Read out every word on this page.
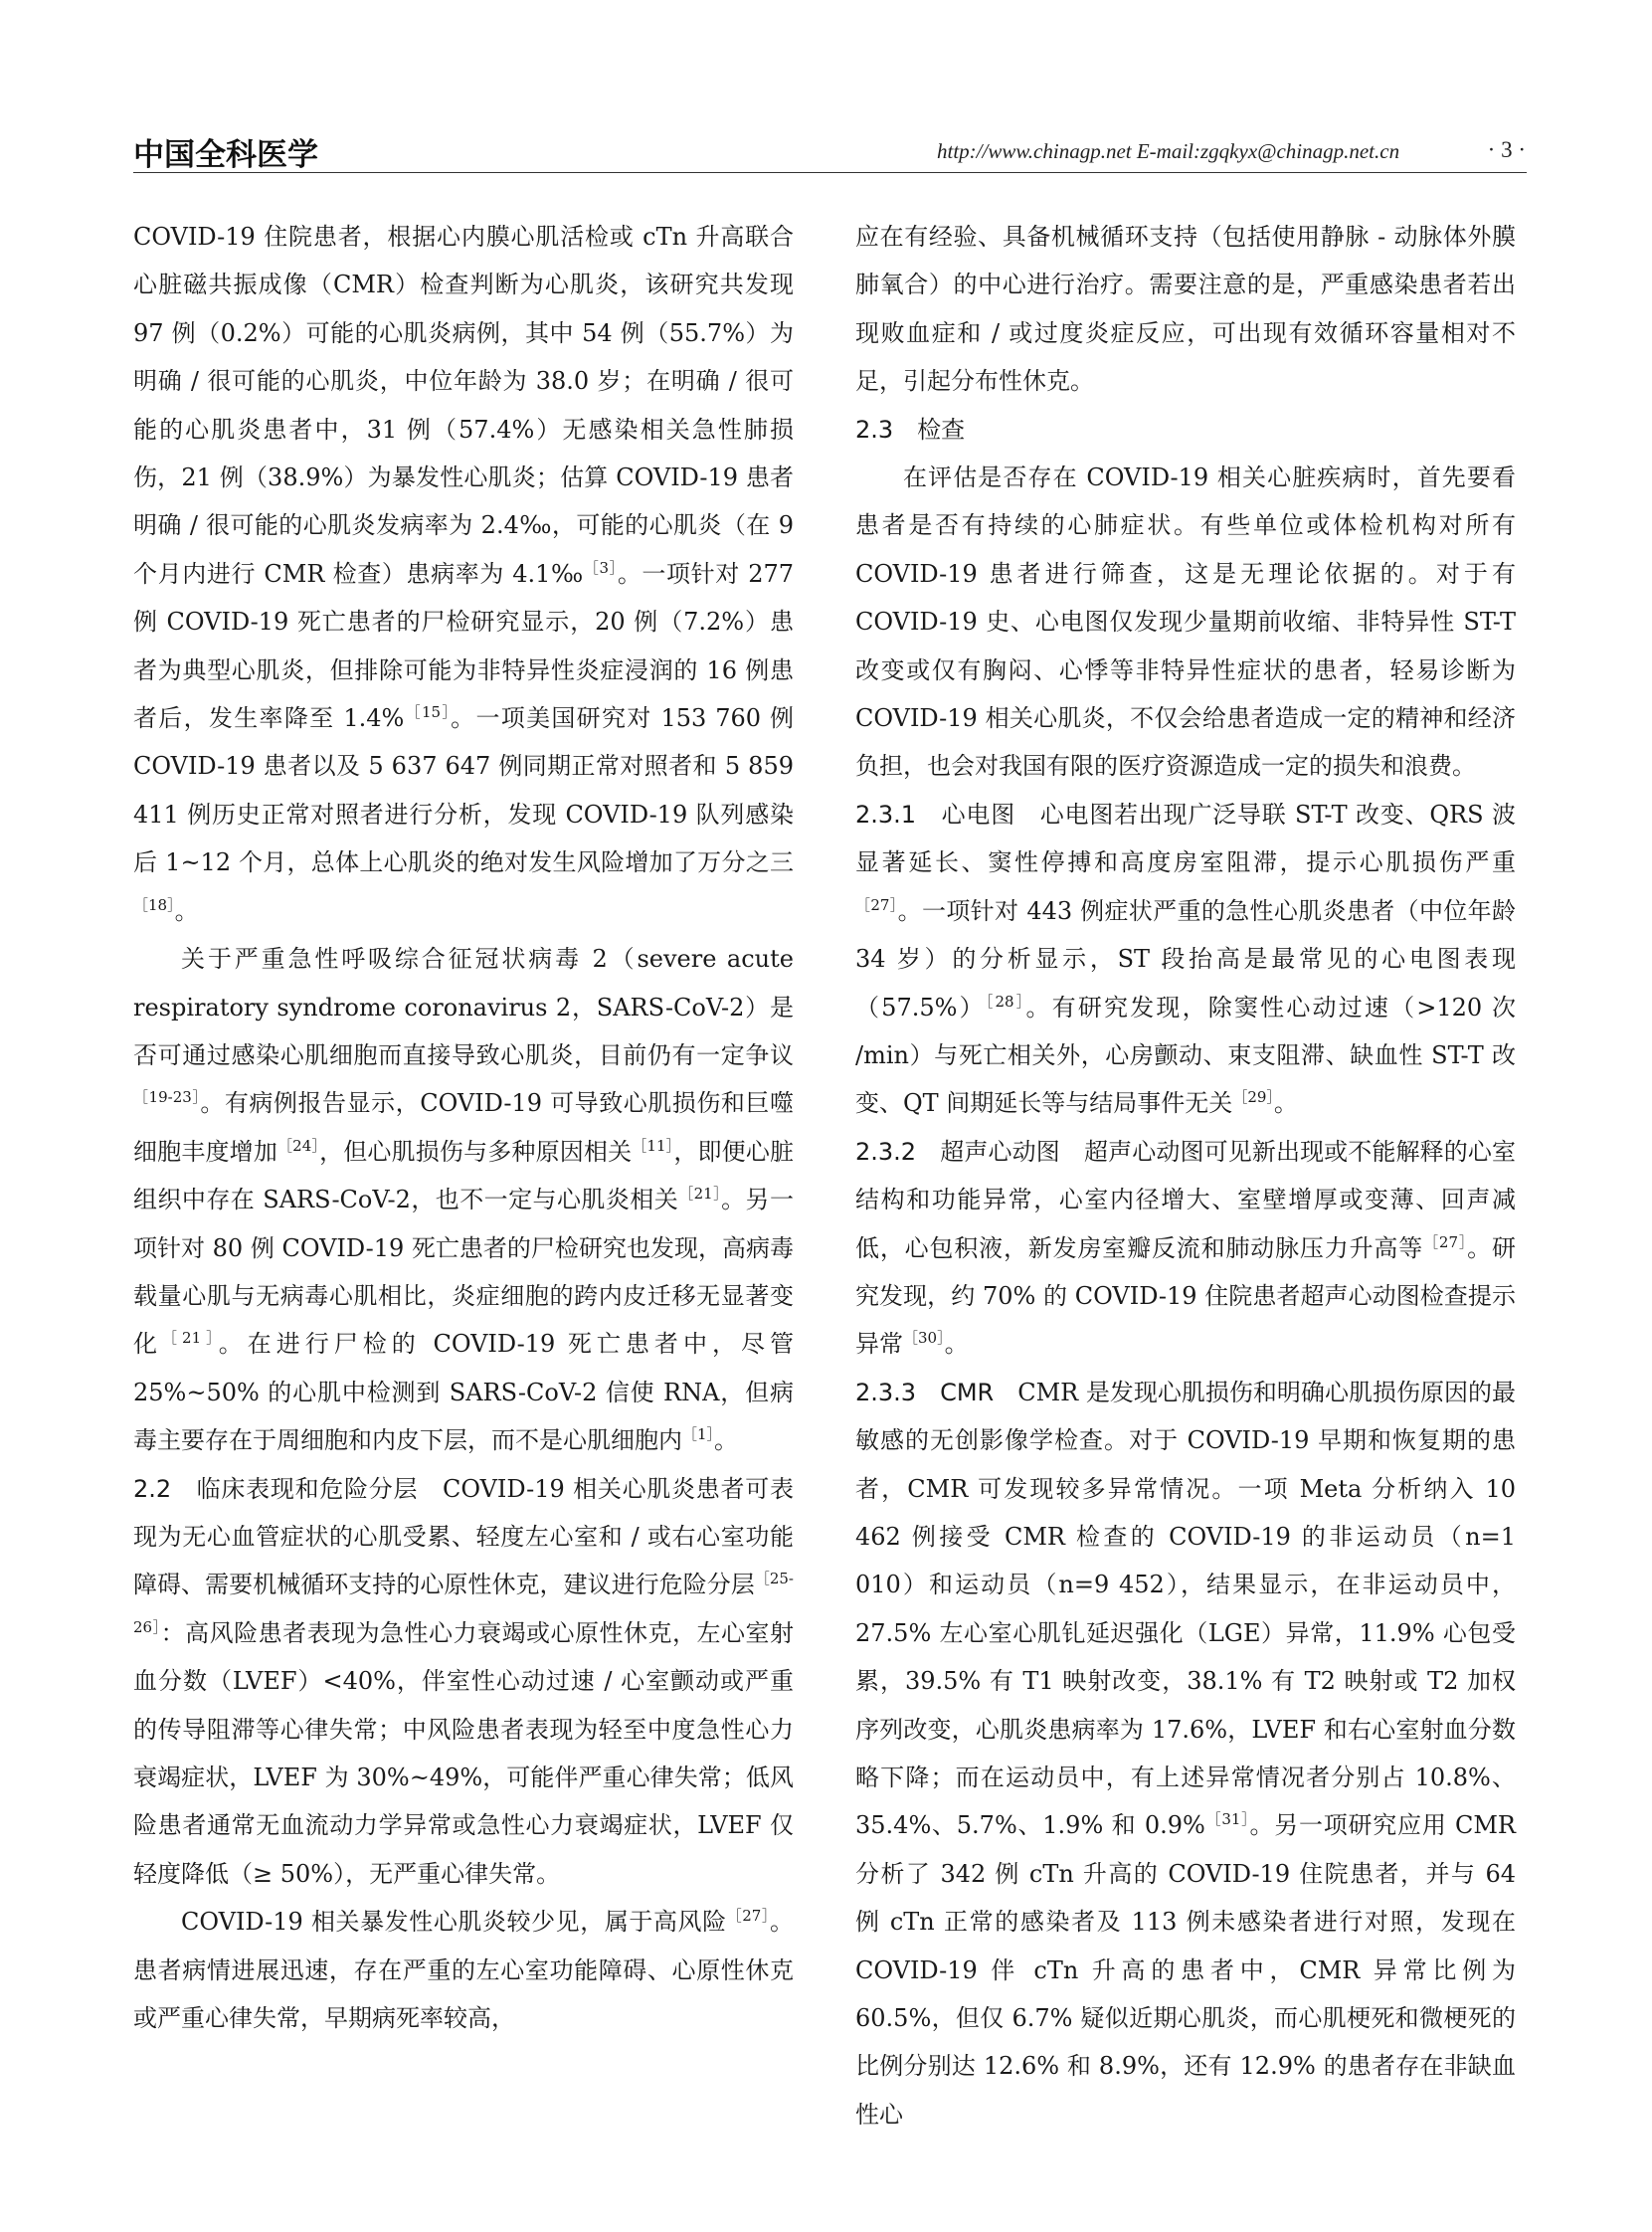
中国全科医学	http://www.chinagp.net E-mail:zgqkyx@chinagp.net.cn	· 3 ·

COVID-19 住院患者，根据心内膜心肌活检或 cTn 升高联合心脏磁共振成像（CMR）检查判断为心肌炎，该研究共发现 97 例（0.2%）可能的心肌炎病例，其中 54 例（55.7%）为明确 / 很可能的心肌炎，中位年龄为 38.0 岁；在明确 / 很可能的心肌炎患者中，31 例（57.4%）无感染相关急性肺损伤，21 例（38.9%）为暴发性心肌炎；估算 COVID-19 患者明确 / 很可能的心肌炎发病率为 2.4‰，可能的心肌炎（在 9 个月内进行 CMR 检查）患病率为 4.1‰$^{[3]}$。一项针对 277 例 COVID-19 死亡患者的尸检研究显示，20 例（7.2%）患者为典型心肌炎，但排除可能为非特异性炎症浸润的 16 例患者后，发生率降至 1.4%$^{[15]}$。一项美国研究对 153 760 例 COVID-19 患者以及 5 637 647 例同期正常对照者和 5 859 411 例历史正常对照者进行分析，发现 COVID-19 队列感染后 1~12 个月，总体上心肌炎的绝对发生风险增加了万分之三$^{[18]}$。

关于严重急性呼吸综合征冠状病毒 2（severe acute respiratory syndrome coronavirus 2，SARS-CoV-2）是否可通过感染心肌细胞而直接导致心肌炎，目前仍有一定争议$^{[19-23]}$。有病例报告显示，COVID-19 可导致心肌损伤和巨噬细胞丰度增加$^{[24]}$，但心肌损伤与多种原因相关$^{[11]}$，即便心脏组织中存在 SARS-CoV-2，也不一定与心肌炎相关$^{[21]}$。另一项针对 80 例 COVID-19 死亡患者的尸检研究也发现，高病毒载量心肌与无病毒心肌相比，炎症细胞的跨内皮迁移无显著变化$^{[21]}$。在进行尸检的 COVID-19 死亡患者中，尽管 25%~50% 的心肌中检测到 SARS-CoV-2 信使 RNA，但病毒主要存在于周细胞和内皮下层，而不是心肌细胞内$^{[1]}$。

2.2　临床表现和危险分层　COVID-19 相关心肌炎患者可表现为无心血管症状的心肌受累、轻度左心室和 / 或右心室功能障碍、需要机械循环支持的心原性休克，建议进行危险分层$^{[25-26]}$：高风险患者表现为急性心力衰竭或心原性休克，左心室射血分数（LVEF）<40%，伴室性心动过速 / 心室颤动或严重的传导阻滞等心律失常；中风险患者表现为轻至中度急性心力衰竭症状，LVEF 为 30%~49%，可能伴严重心律失常；低风险患者通常无血流动力学异常或急性心力衰竭症状，LVEF 仅轻度降低（≥ 50%），无严重心律失常。

COVID-19 相关暴发性心肌炎较少见，属于高风险$^{[27]}$。患者病情进展迅速，存在严重的左心室功能障碍、心原性休克或严重心律失常，早期病死率较高，

应在有经验、具备机械循环支持（包括使用静脉 - 动脉体外膜肺氧合）的中心进行治疗。需要注意的是，严重感染患者若出现败血症和 / 或过度炎症反应，可出现有效循环容量相对不足，引起分布性休克。

2.3　检查

在评估是否存在 COVID-19 相关心脏疾病时，首先要看患者是否有持续的心肺症状。有些单位或体检机构对所有 COVID-19 患者进行筛查，这是无理论依据的。对于有 COVID-19 史、心电图仅发现少量期前收缩、非特异性 ST-T 改变或仅有胸闷、心悸等非特异性症状的患者，轻易诊断为 COVID-19 相关心肌炎，不仅会给患者造成一定的精神和经济负担，也会对我国有限的医疗资源造成一定的损失和浪费。

2.3.1　心电图　心电图若出现广泛导联 ST-T 改变、QRS 波显著延长、窦性停搏和高度房室阻滞，提示心肌损伤严重$^{[27]}$。一项针对 443 例症状严重的急性心肌炎患者（中位年龄 34 岁）的分析显示，ST 段抬高是最常见的心电图表现（57.5%）$^{[28]}$。有研究发现，除窦性心动过速（>120 次 /min）与死亡相关外，心房颤动、束支阻滞、缺血性 ST-T 改变、QT 间期延长等与结局事件无关$^{[29]}$。

2.3.2　超声心动图　超声心动图可见新出现或不能解释的心室结构和功能异常，心室内径增大、室壁增厚或变薄、回声减低，心包积液，新发房室瓣反流和肺动脉压力升高等$^{[27]}$。研究发现，约 70% 的 COVID-19 住院患者超声心动图检查提示异常$^{[30]}$。

2.3.3　CMR　CMR 是发现心肌损伤和明确心肌损伤原因的最敏感的无创影像学检查。对于 COVID-19 早期和恢复期的患者，CMR 可发现较多异常情况。一项 Meta 分析纳入 10 462 例接受 CMR 检查的 COVID-19 的非运动员（n=1 010）和运动员（n=9 452），结果显示，在非运动员中，27.5% 左心室心肌钆延迟强化（LGE）异常，11.9% 心包受累，39.5% 有 T1 映射改变，38.1% 有 T2 映射或 T2 加权序列改变，心肌炎患病率为 17.6%，LVEF 和右心室射血分数略下降；而在运动员中，有上述异常情况者分别占 10.8%、35.4%、5.7%、1.9% 和 0.9%$^{[31]}$。另一项研究应用 CMR 分析了 342 例 cTn 升高的 COVID-19 住院患者，并与 64 例 cTn 正常的感染者及 113 例未感染者进行对照，发现在 COVID-19 伴 cTn 升高的患者中，CMR 异常比例为 60.5%，但仅 6.7% 疑似近期心肌炎，而心肌梗死和微梗死的比例分别达 12.6% 和 8.9%，还有 12.9% 的患者存在非缺血性心
